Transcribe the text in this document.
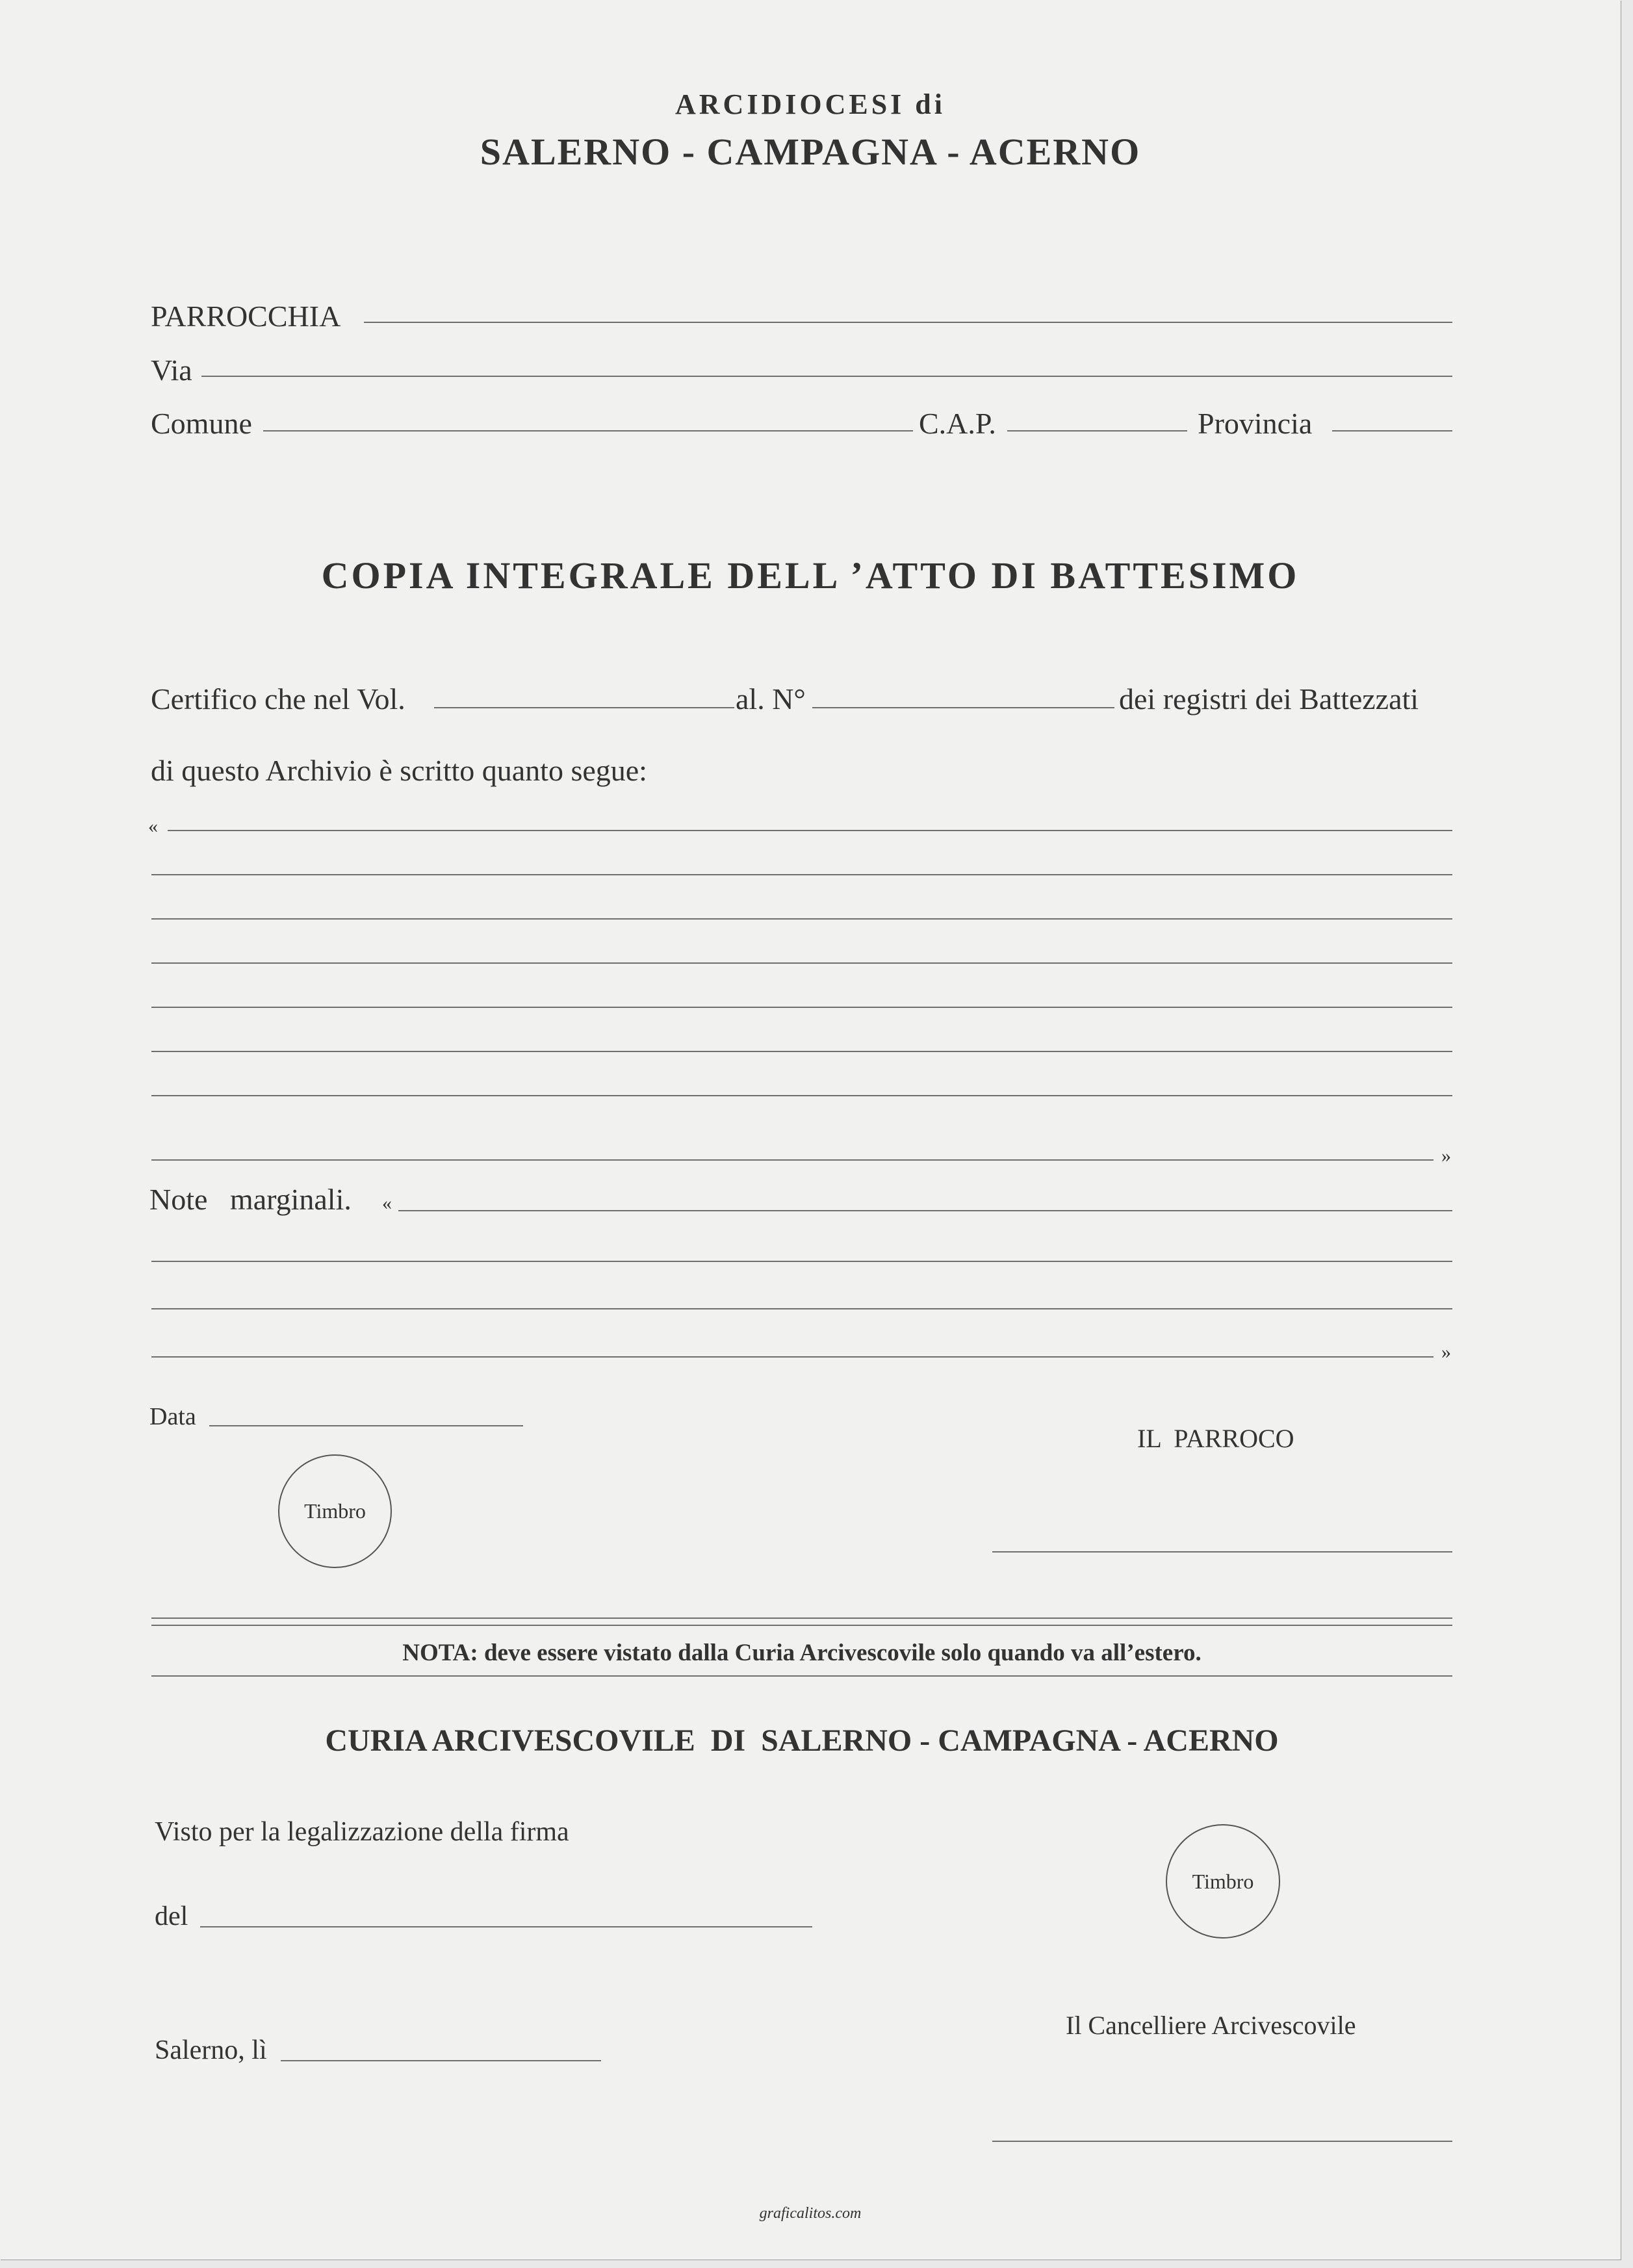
ARCIDIOCESI di
SALERNO - CAMPAGNA - ACERNO
PARROCCHIA
Via
Comune	C.A.P.	Provincia
COPIA INTEGRALE DELL ’ATTO DI BATTESIMO
Certifico che nel Vol.	al. N°	dei registri dei Battezzati
di questo Archivio è scritto quanto segue:
«
»
Note   marginali. «
»
Data
Timbro
IL  PARROCO
NOTA: deve essere vistato dalla Curia Arcivescovile solo quando va all’estero.
CURIA ARCIVESCOVILE  DI  SALERNO - CAMPAGNA - ACERNO
Visto per la legalizzazione della firma
del
Timbro
Il Cancelliere Arcivescovile
Salerno, lì
graficalitos.com
